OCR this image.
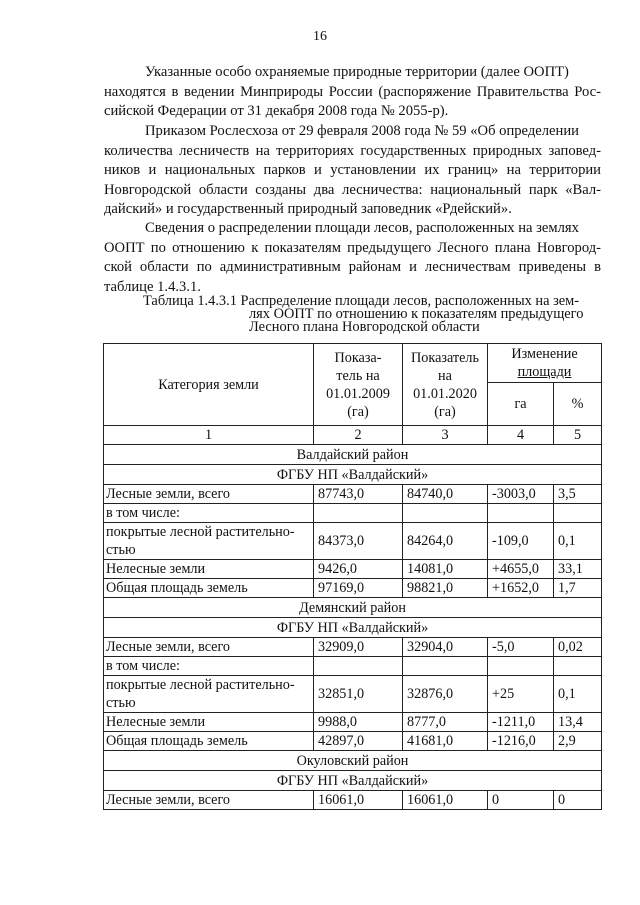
16

Указанные особо охраняемые природные территории (далее ООПТ)
находятся в ведении Минприроды России (распоряжение Правительства Рос- сийской Федерации от 31 декабря 2008 года № 2055-р).

Приказом Рослесхоза от 29 февраля 2008 года № 59 «Об определении
количества лесничеств на территориях государственных природных заповед- ников и национальных парков и установлении их границ» на территории Новгородской области созданы два лесничества: национальный парк «Вал- дайский» и государственный природный заповедник «Рдейский».

Сведения о распределении площади лесов, расположенных на землях
ООПТ по отношению к показателям предыдущего Лесного плана Новгород- ской области по административным районам и лесничествам приведены в таблице 1.4.3.1.

Таблица 1.4.3.1 Распределение площади лесов, расположенных на зем-

лях ООПТ по отношению к показателям предыдущего
Лесного плана Новгородской области

Категория земли	Показа-
тель на
01.01.2009
(га)	Показатель
на
01.01.2020
(га)	Изменение
площади	
			га	%
1	2	3	4	5
Валдайский район				
ФГБУ НП «Валдайский»				
Лесные земли, всего	87743,0	84740,0	-3003,0	3,5
в том числе:				
покрытые лесной растительно-
стью	84373,0	84264,0	-109,0	0,1
Нелесные земли	9426,0	14081,0	+4655,0	33,1
Общая площадь земель	97169,0	98821,0	+1652,0	1,7
Демянский район				
ФГБУ НП «Валдайский»				
Лесные земли, всего	32909,0	32904,0	-5,0	0,02
в том числе:				
покрытые лесной растительно-
стью	32851,0	32876,0	+25	0,1
Нелесные земли	9988,0	8777,0	-1211,0	13,4
Общая площадь земель	42897,0	41681,0	-1216,0	2,9
Окуловский район				
ФГБУ НП «Валдайский»				
Лесные земли, всего	16061,0	16061,0	0	0
